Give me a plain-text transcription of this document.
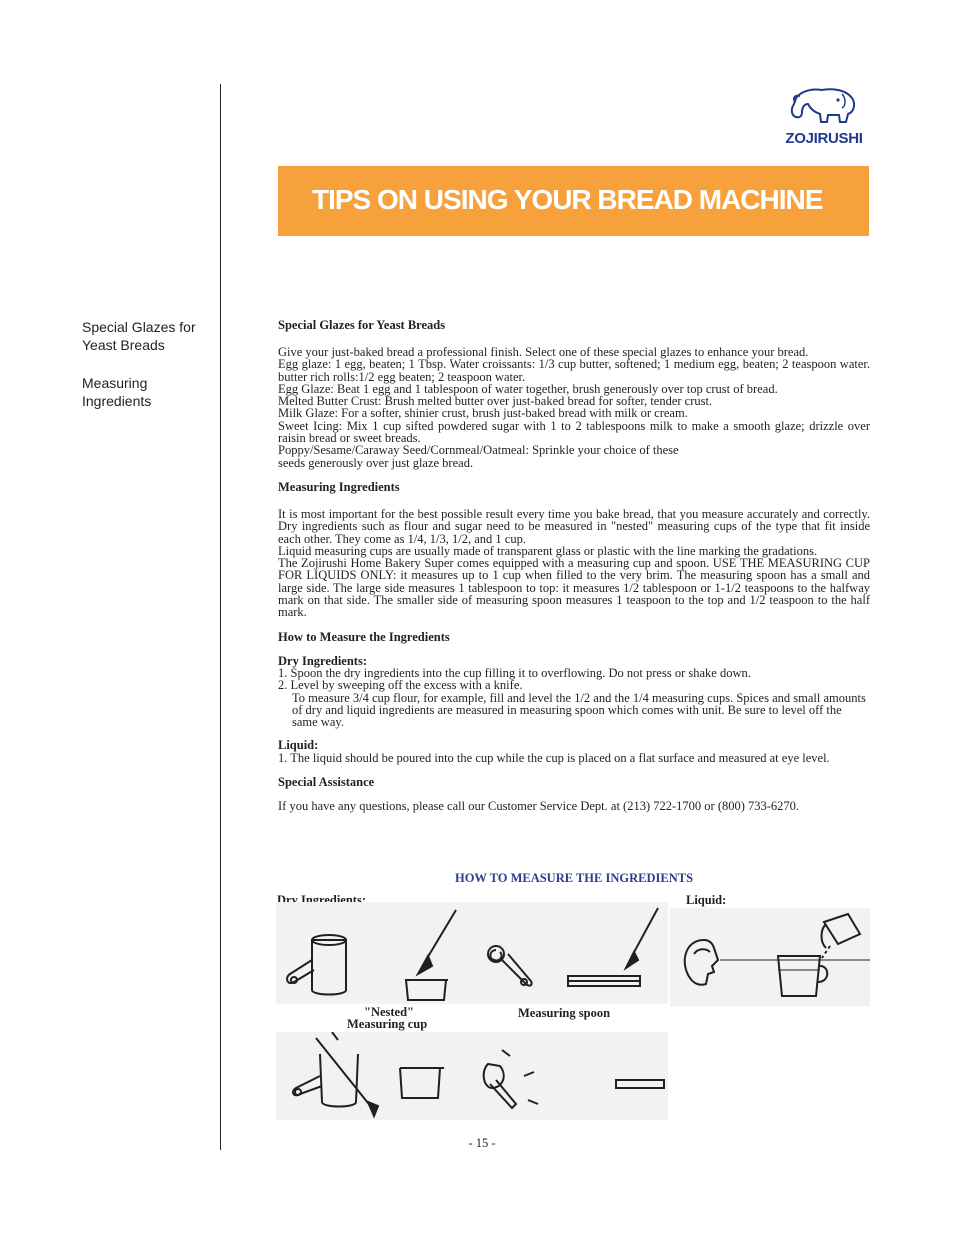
ZOJIRUSHI
TIPS ON USING YOUR BREAD MACHINE
Special Glazes for Yeast Breads
Measuring Ingredients

Special Glazes for Yeast Breads

Give your just-baked bread a professional finish. Select one of these special glazes to enhance your bread.

Egg glaze: 1 egg, beaten; 1 Tbsp. Water croissants: 1/3 cup butter, softened; 1 medium egg, beaten; 2 teaspoon water. butter rich rolls:1/2 egg beaten; 2 teaspoon water.

Egg Glaze: Beat 1 egg and 1 tablespoon of water together, brush generously over top crust of bread.

Melted Butter Crust: Brush melted butter over just-baked bread for softer, tender crust.

Milk Glaze: For a softer, shinier crust, brush just-baked bread with milk or cream.

Sweet Icing: Mix 1 cup sifted powdered sugar with 1 to 2 tablespoons milk to make a smooth glaze; drizzle over raisin bread or sweet breads.

Poppy/Sesame/Caraway Seed/Cornmeal/Oatmeal: Sprinkle your choice of these

seeds generously over just glaze bread.

Measuring Ingredients

It is most important for the best possible result every time you bake bread, that you measure accurately and correctly. Dry ingredients such as flour and sugar need to be measured in "nested" measuring cups of the type that fit inside each other. They come as 1/4, 1/3, 1/2, and 1 cup.

Liquid measuring cups are usually made of transparent glass or plastic with the line marking the gradations.

The Zojirushi Home Bakery Super comes equipped with a measuring cup and spoon. USE THE MEASURING CUP FOR LIQUIDS ONLY: it measures up to 1 cup when filled to the very brim. The measuring spoon has a small and large side. The large side measures 1 tablespoon to top: it measures 1/2 tablespoon or 1-1/2 teaspoons to the halfway mark on that side. The smaller side of measuring spoon measures 1 teaspoon to the top and 1/2 teaspoon to the half mark.

How to Measure the Ingredients

Dry Ingredients:

1. Spoon the dry ingredients into the cup filling it to overflowing. Do not press or shake down.

2. Level by sweeping off the excess with a knife.

To measure 3/4 cup flour, for example, fill and level the 1/2 and the 1/4 measuring cups. Spices and small amounts of dry and liquid ingredients are measured in measuring spoon which comes with unit. Be sure to level off the same way.

Liquid:

1. The liquid should be poured into the cup while the cup is placed on a flat surface and measured at eye level.

Special Assistance

If you have any questions, please call our Customer Service Dept. at (213) 722-1700 or (800) 733-6270.

HOW TO MEASURE THE INGREDIENTS
Dry Ingredients:	Liquid:
"Nested"
Measuring cup
Measuring spoon
- 15 -
